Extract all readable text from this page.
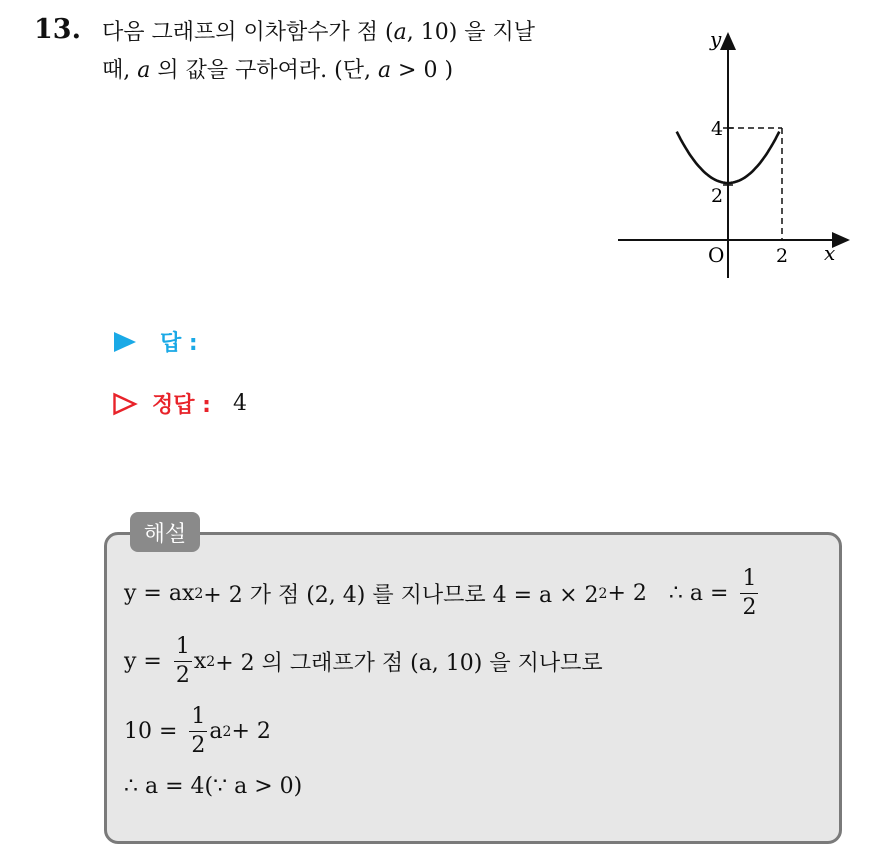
13. 다음 그래프의 이차함수가 점 (a, 10) 을 지날
때, a 의 값을 구하여라. (단, a > 0 )
y
x
O
4
2
2
답 :
정답 : 4
해설
y = ax 2 + 2 가 점 (2, 4) 를 지나므로 4 = a × 2 2 + 2 ∴ $a = \frac{1}{2}$
$y = \frac{1}{2}$ x 2 + 2 의 그래프가 점 (a, 10) 을 지나므로
$10 = \frac{1}{2}$ a 2 + 2
∴ a = 4(∵ a > 0)
